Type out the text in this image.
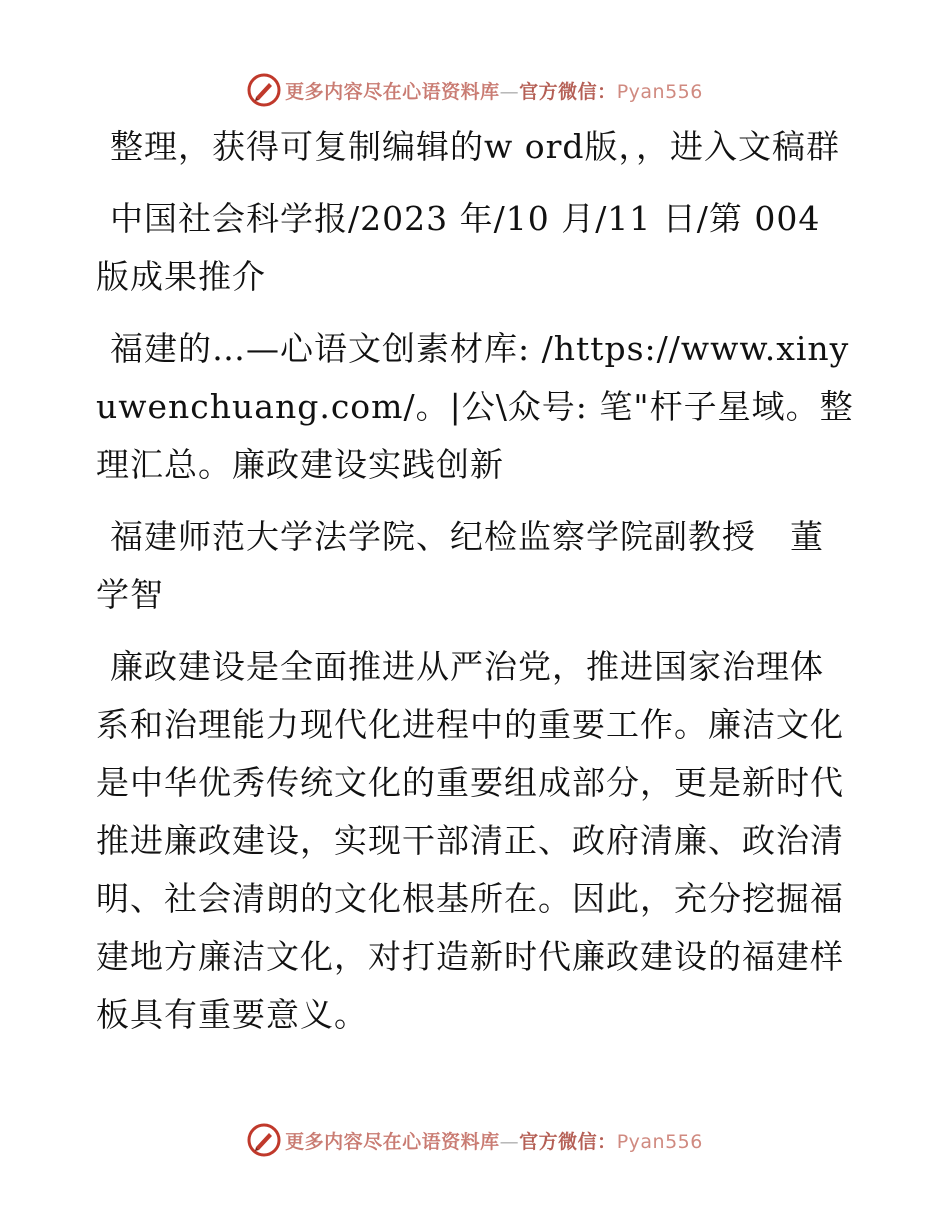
更多内容尽在心语资料库—官方微信：Pyan556

整理，获得可复制编辑的w ord版，，进入文稿群

中国社会科学报/2023 年/10 月/11 日/第 004 版成果推介

福建的…—心语文创素材库: /https://www.xinyuwenchuang.com/。|公\众号: 笔"杆子星域。整理汇总。廉政建设实践创新

福建师范大学法学院、纪检监察学院副教授　董学智

廉政建设是全面推进从严治党，推进国家治理体系和治理能力现代化进程中的重要工作。廉洁文化是中华优秀传统文化的重要组成部分，更是新时代推进廉政建设，实现干部清正、政府清廉、政治清明、社会清朗的文化根基所在。因此，充分挖掘福建地方廉洁文化，对打造新时代廉政建设的福建样板具有重要意义。

更多内容尽在心语资料库—官方微信：Pyan556
